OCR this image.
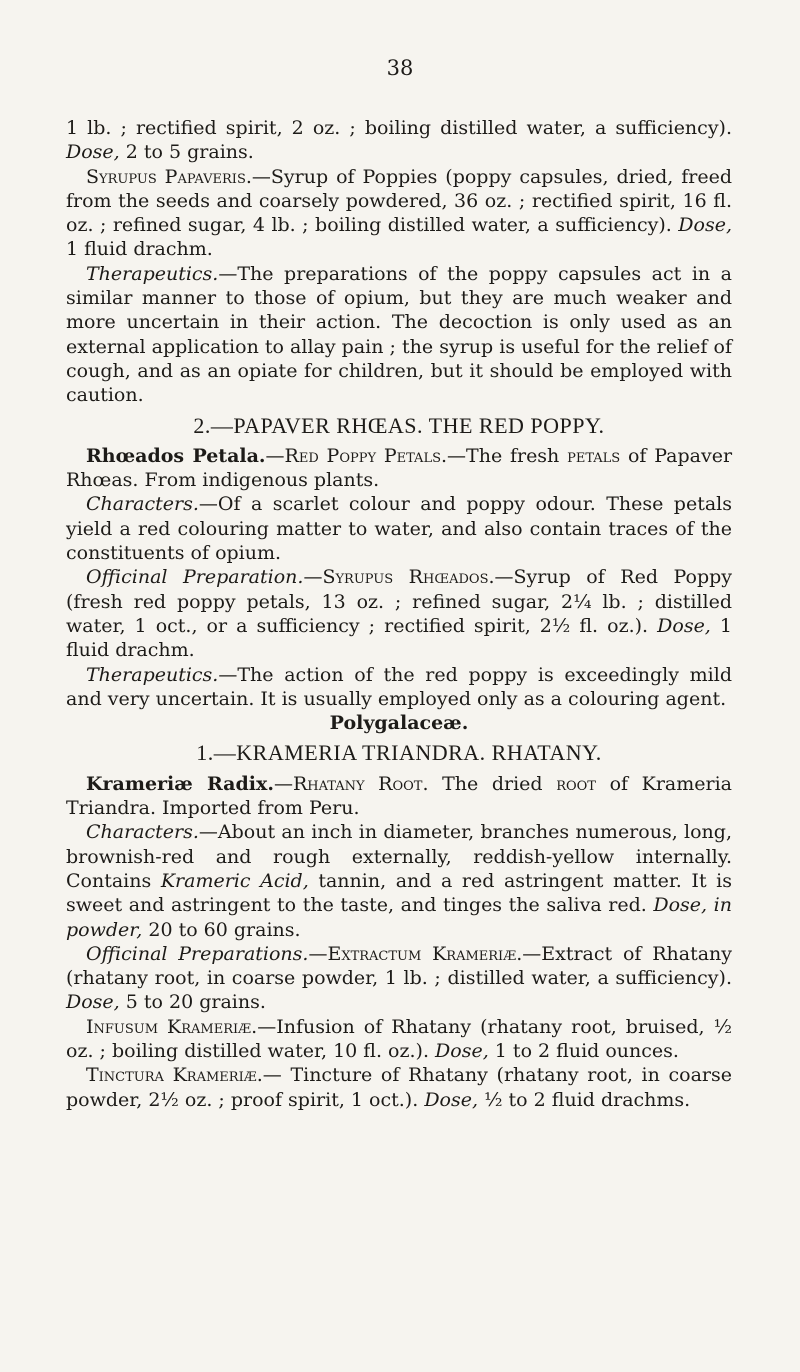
38

1 lb. ; rectified spirit, 2 oz. ; boiling distilled water, a sufficiency). Dose, 2 to 5 grains.

Syrupus Papaveris.—Syrup of Poppies (poppy capsules, dried, freed from the seeds and coarsely powdered, 36 oz. ; rectified spirit, 16 fl. oz. ; refined sugar, 4 lb. ; boiling distilled water, a sufficiency). Dose, 1 fluid drachm.

Therapeutics.—The preparations of the poppy capsules act in a similar manner to those of opium, but they are much weaker and more uncertain in their action. The decoction is only used as an external application to allay pain ; the syrup is useful for the relief of cough, and as an opiate for children, but it should be employed with caution.

2.—PAPAVER RHŒAS. THE RED POPPY.

Rhœados Petala.—Red Poppy Petals.—The fresh petals of Papaver Rhœas. From indigenous plants.

Characters.—Of a scarlet colour and poppy odour. These petals yield a red colouring matter to water, and also contain traces of the constituents of opium.

Officinal Preparation.—Syrupus Rhœados.—Syrup of Red Poppy (fresh red poppy petals, 13 oz. ; refined sugar, 2¼ lb. ; distilled water, 1 oct., or a sufficiency ; rectified spirit, 2½ fl. oz.). Dose, 1 fluid drachm.

Therapeutics.—The action of the red poppy is exceedingly mild and very uncertain. It is usually employed only as a colouring agent.

Polygalaceæ.
1.—KRAMERIA TRIANDRA. RHATANY.

Krameriæ Radix.—Rhatany Root. The dried root of Krameria Triandra. Imported from Peru.

Characters.—About an inch in diameter, branches numerous, long, brownish-red and rough externally, reddish-yellow internally. Contains Krameric Acid, tannin, and a red astringent matter. It is sweet and astringent to the taste, and tinges the saliva red. Dose, in powder, 20 to 60 grains.

Officinal Preparations.—Extractum Krameriæ.—Extract of Rhatany (rhatany root, in coarse powder, 1 lb. ; distilled water, a sufficiency). Dose, 5 to 20 grains.

Infusum Krameriæ.—Infusion of Rhatany (rhatany root, bruised, ½ oz. ; boiling distilled water, 10 fl. oz.). Dose, 1 to 2 fluid ounces.

Tinctura Krameriæ.— Tincture of Rhatany (rhatany root, in coarse powder, 2½ oz. ; proof spirit, 1 oct.). Dose, ½ to 2 fluid drachms.
